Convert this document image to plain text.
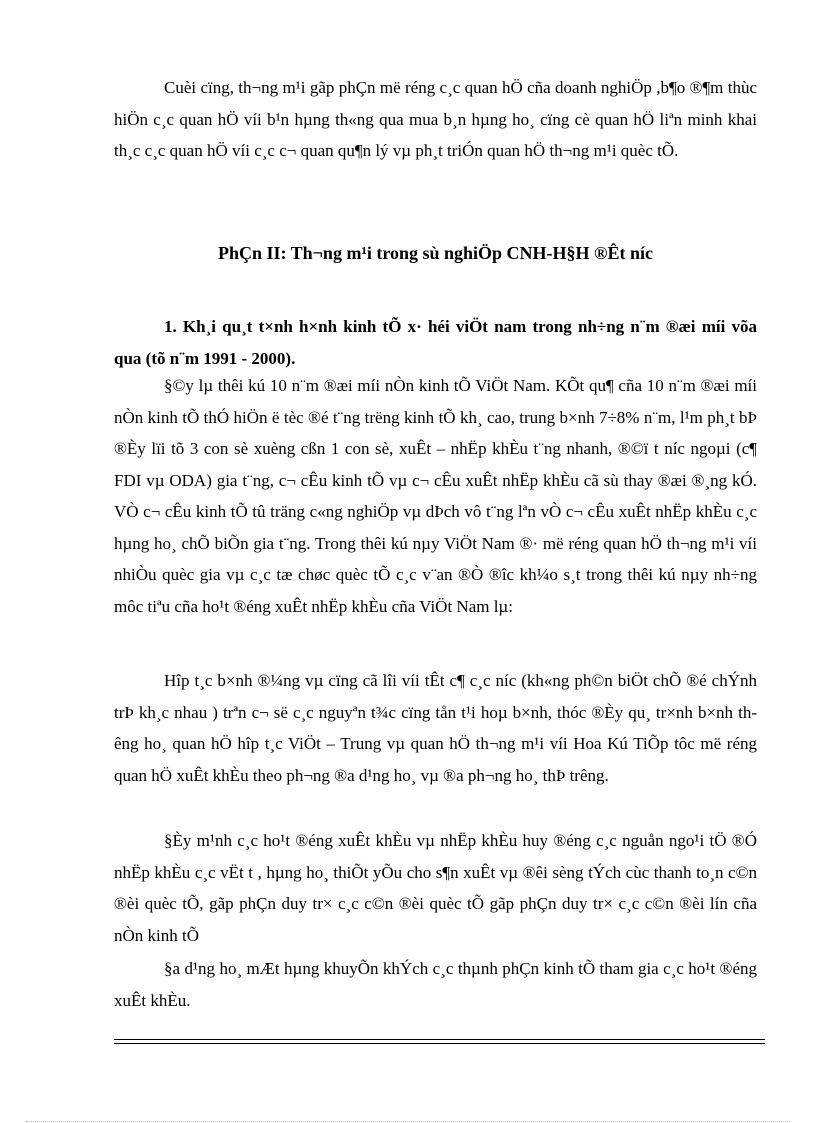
Cuèi cïng, th¬ng m¹i gãp phÇn më réng c¸c quan hÖ cña doanh nghiÖp ,b¶o ®¶m thùc hiÖn c¸c quan hÖ víi b¹n hµng th«ng qua mua b¸n hµng ho¸ cïng cè quan hÖ liªn minh khai th¸c c¸c quan hÖ víi c¸c c¬ quan qu¶n lý vµ ph¸t triÓn quan hÖ th¬ng m¹i quèc tÕ.

PhÇn II: Th¬ng m¹i trong sù nghiÖp CNH-H§H ®Êt níc

1. Kh¸i qu¸t t×nh h×nh kinh tÕ x· héi viÖt nam trong nh÷ng n¨m ®æi míi võa qua (tõ n¨m 1991 - 2000).

§©y lµ thêi kú 10 n¨m ®æi míi nÒn kinh tÕ ViÖt Nam. KÕt qu¶ cña 10 n¨m ®æi míi nÒn kinh tÕ thÓ hiÖn ë tèc ®é t¨ng trëng kinh tÕ kh¸ cao, trung b×nh 7÷8% n¨m, l¹m ph¸t bÞ ®Èy lïi tõ 3 con sè xuèng cßn 1 con sè, xuÊt – nhËp khÈu t¨ng nhanh, ®©ï t níc ngoµi (c¶ FDI vµ ODA) gia t¨ng, c¬ cÊu kinh tÕ vµ c¬ cÊu xuÊt nhËp khÈu cã sù thay ®æi ®¸ng kÓ. VÒ c¬ cÊu kinh tÕ tû träng c«ng nghiÖp vµ dÞch vô t¨ng lªn vÒ c¬ cÊu xuÊt nhËp khÈu c¸c hµng ho¸ chÕ biÕn gia t¨ng. Trong thêi kú nµy ViÖt Nam ®· më réng quan hÖ th¬ng m¹i víi nhiÒu quèc gia vµ c¸c tæ chøc quèc tÕ c¸c v¨an ®Ò ®îc kh¼o s¸t trong thêi kú nµy nh÷ng môc tiªu cña ho¹t ®éng xuÊt nhËp khÈu cña ViÖt Nam lµ:

Hîp t¸c b×nh ®¼ng vµ cïng cã lîi víi tÊt c¶ c¸c níc (kh«ng ph©n biÖt chÕ ®é chÝnh trÞ kh¸c nhau ) trªn c¬ së c¸c nguyªn t¾c cïng tån t¹i hoµ b×nh, thóc ®Èy qu¸ tr×nh b×nh thêng ho¸ quan hÖ hîp t¸c ViÖt – Trung vµ quan hÖ th¬ng m¹i víi Hoa Kú TiÕp tôc më réng quan hÖ xuÊt khÈu theo ph¬ng ®a d¹ng ho¸ vµ ®a ph¬ng ho¸ thÞ trêng.

§Èy m¹nh c¸c ho¹t ®éng xuÊt khÈu vµ nhËp khÈu huy ®éng c¸c nguån ngo¹i tÖ ®Ó nhËp khÈu c¸c vËt t , hµng ho¸ thiÕt yÕu cho s¶n xuÊt vµ ®êi sèng tÝch cùc thanh to¸n c©n ®èi quèc tÕ, gãp phÇn duy tr× c¸c c©n ®èi quèc tÕ gãp phÇn duy tr× c¸c c©n ®èi lín cña nÒn kinh tÕ

§a d¹ng ho¸ mÆt hµng khuyÕn khÝch c¸c thµnh phÇn kinh tÕ tham gia c¸c ho¹t ®éng xuÊt khÈu.
